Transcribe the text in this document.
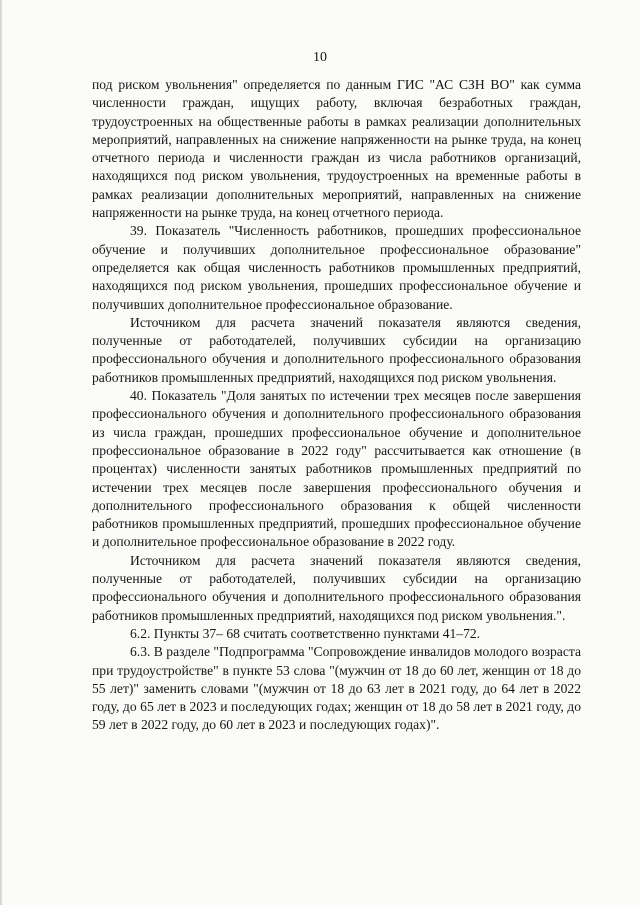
10

под риском увольнения" определяется по данным ГИС "АС СЗН ВО" как сумма численности граждан, ищущих работу, включая безработных граждан, трудоустроенных на общественные работы в рамках реализации дополнительных мероприятий, направленных на снижение напряженности на рынке труда, на конец отчетного периода и численности граждан из числа работников организаций, находящихся под риском увольнения, трудоустроенных на временные работы в рамках реализации дополнительных мероприятий, направленных на снижение напряженности на рынке труда, на конец отчетного периода.

39. Показатель "Численность работников, прошедших профессиональное обучение и получивших дополнительное профессиональное образование" определяется как общая численность работников промышленных предприятий, находящихся под риском увольнения, прошедших профессиональное обучение и получивших дополнительное профессиональное образование.

Источником для расчета значений показателя являются сведения, полученные от работодателей, получивших субсидии на организацию профессионального обучения и дополнительного профессионального образования работников промышленных предприятий, находящихся под риском увольнения.

40. Показатель "Доля занятых по истечении трех месяцев после завершения профессионального обучения и дополнительного профессионального образования из числа граждан, прошедших профессиональное обучение и дополнительное профессиональное образование в 2022 году" рассчитывается как отношение (в процентах) численности занятых работников промышленных предприятий по истечении трех месяцев после завершения профессионального обучения и дополнительного профессионального образования к общей численности работников промышленных предприятий, прошедших профессиональное обучение и дополнительное профессиональное образование в 2022 году.

Источником для расчета значений показателя являются сведения, полученные от работодателей, получивших субсидии на организацию профессионального обучения и дополнительного профессионального образования работников промышленных предприятий, находящихся под риском увольнения.".

6.2. Пункты 37– 68 считать соответственно пунктами 41–72.

6.3. В разделе "Подпрограмма "Сопровождение инвалидов молодого возраста при трудоустройстве" в пункте 53 слова "(мужчин от 18 до 60 лет, женщин от 18 до 55 лет)" заменить словами "(мужчин от 18 до 63 лет в 2021 году, до 64 лет в 2022 году, до 65 лет в 2023 и последующих годах; женщин от 18 до 58 лет в 2021 году, до 59 лет в 2022 году, до 60 лет в 2023 и последующих годах)".
